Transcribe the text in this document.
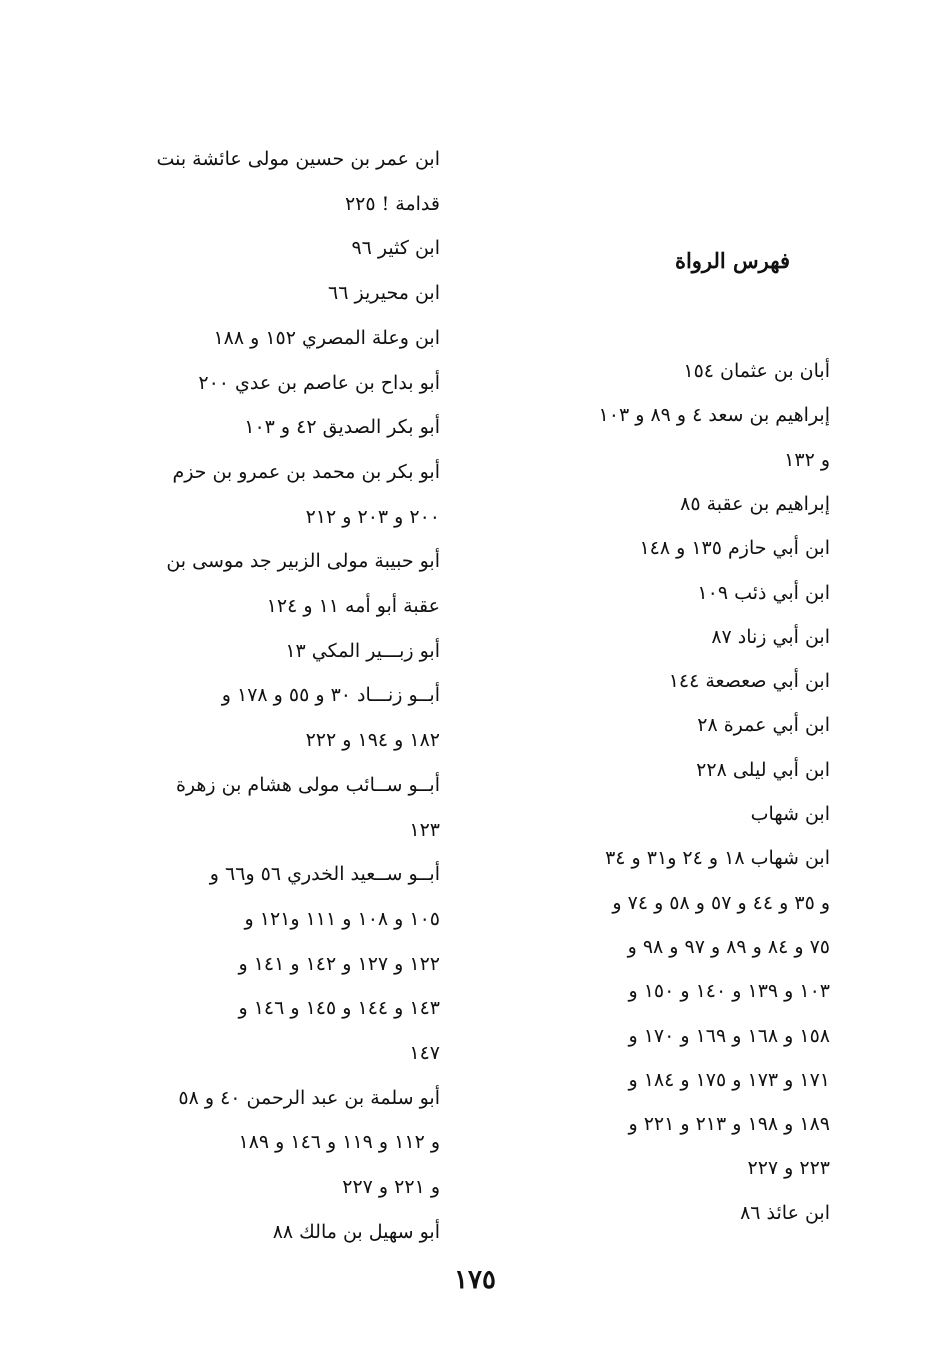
فهرس الرواة
أبان بن عثمان ١٥٤
إبراهيم بن سعد ٤ و ٨٩ و ١٠٣
و ١٣٢
إبراهيم بن عقبة ٨٥
ابن أبي حازم ١٣٥ و ١٤٨
ابن أبي ذئب ١٠٩
ابن أبي زناد ٨٧
ابن أبي صعصعة ١٤٤
ابن أبي عمرة ٢٨
ابن أبي ليلى ٢٢٨
ابن شهاب
ابن شهاب ١٨ و ٢٤ و٣١ و ٣٤
و ٣٥ و ٤٤ و ٥٧ و ٥٨ و ٧٤ و
٧٥ و ٨٤ و ٨٩ و ٩٧ و ٩٨ و
١٠٣ و ١٣٩ و ١٤٠ و ١٥٠ و
١٥٨ و ١٦٨ و ١٦٩ و ١٧٠ و
١٧١ و ١٧٣ و ١٧٥ و ١٨٤ و
١٨٩ و ١٩٨ و ٢١٣ و ٢٢١ و
٢٢٣ و ٢٢٧
ابن عائذ ٨٦
ابن عمر بن حسين مولى عائشة بنت
قدامة ! ٢٢٥
ابن كثير ٩٦
ابن محيريز ٦٦
ابن وعلة المصري ١٥٢ و ١٨٨
أبو بداح بن عاصم بن عدي ٢٠٠
أبو بكر الصديق ٤٢ و ١٠٣
أبو بكر بن محمد بن عمرو بن حزم
٢٠٠ و ٢٠٣ و ٢١٢
أبو حبيبة مولى الزبير جد موسى بن
عقبة أبو أمه ١١ و ١٢٤
أبو زبـــير المكي ١٣
أبــو زنـــاد ٣٠ و ٥٥ و ١٧٨ و
١٨٢ و ١٩٤ و ٢٢٢
أبــو ســائب مولى هشام بن زهرة
١٢٣
أبــو ســعيد الخدري ٥٦ و٦٦ و
١٠٥ و ١٠٨ و ١١١ و١٢١ و
١٢٢ و ١٢٧ و ١٤٢ و ١٤١ و
١٤٣ و ١٤٤ و ١٤٥ و ١٤٦ و
١٤٧
أبو سلمة بن عبد الرحمن ٤٠ و ٥٨
و ١١٢ و ١١٩ و ١٤٦ و ١٨٩
و ٢٢١ و ٢٢٧
أبو سهيل بن مالك ٨٨
١٧٥
